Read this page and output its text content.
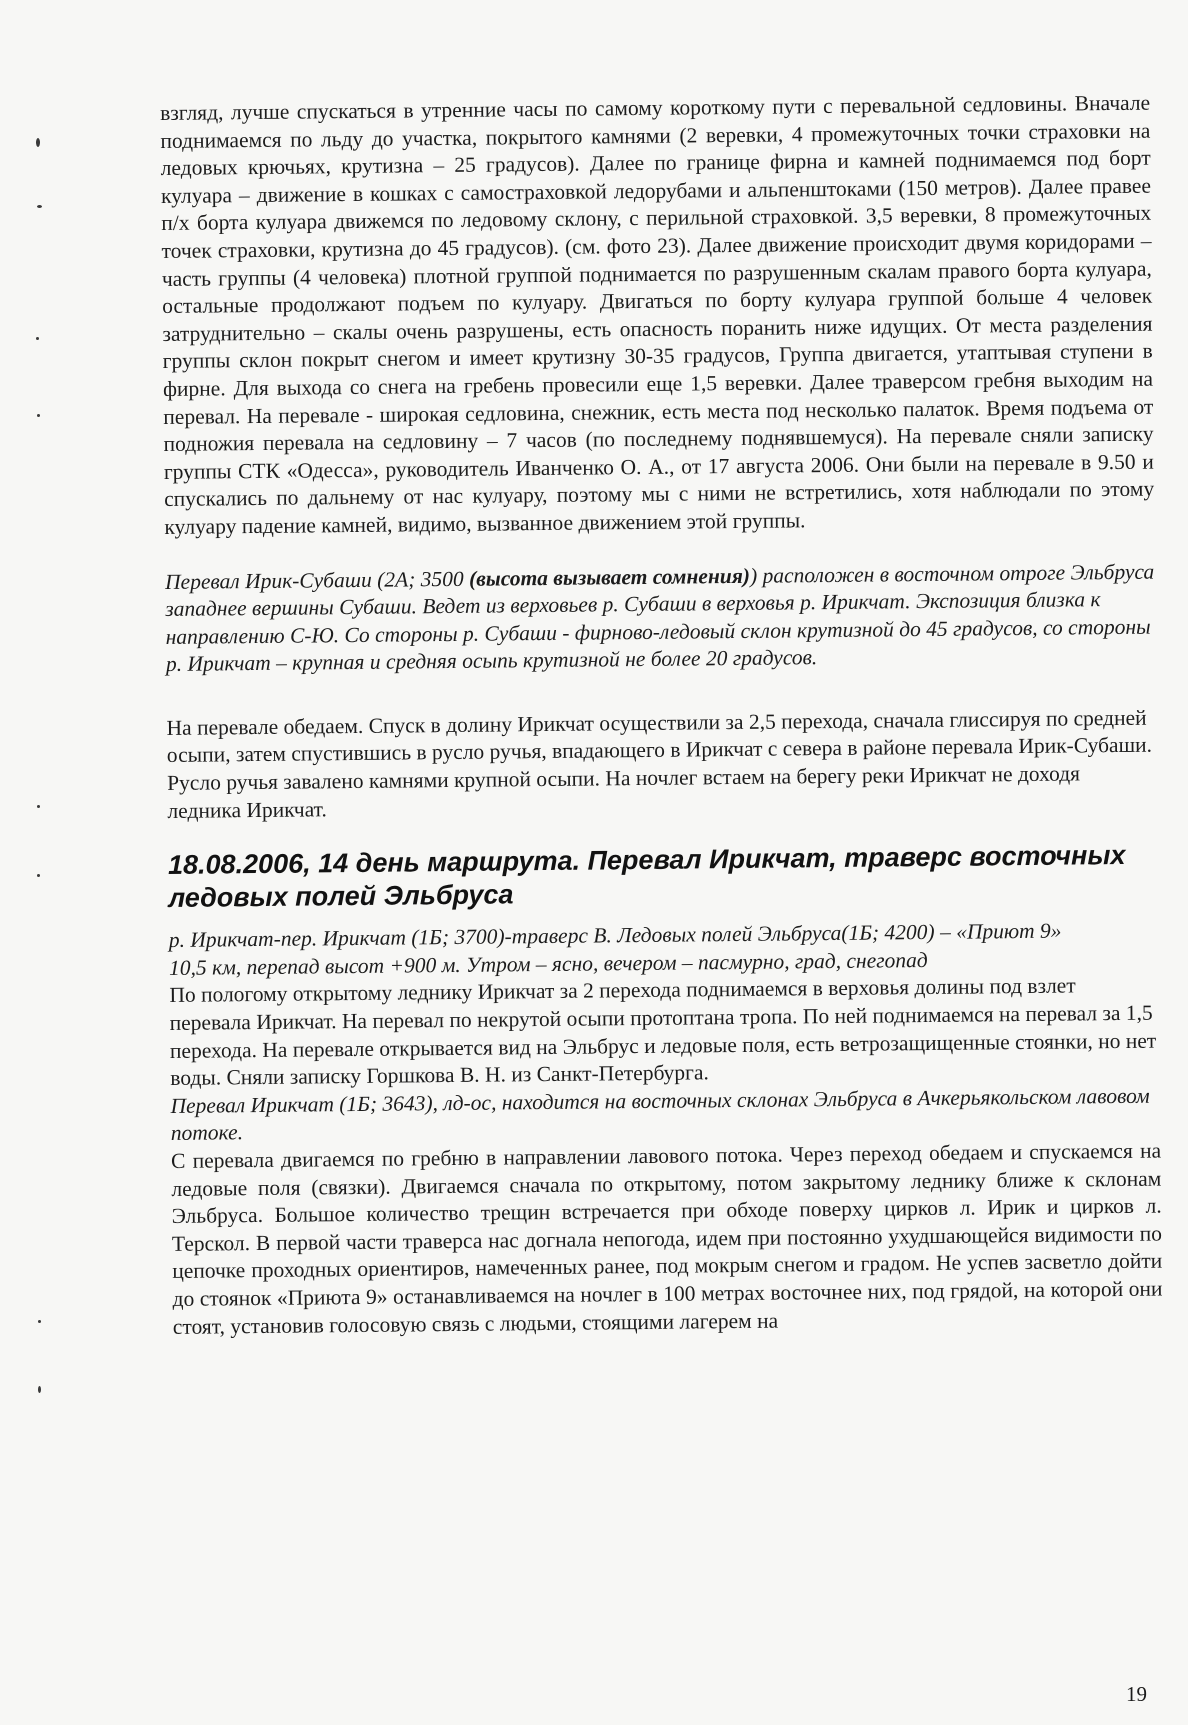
взгляд, лучше спускаться в утренние часы по самому короткому пути с перевальной седловины. Вначале поднимаемся по льду до участка, покрытого камнями (2 веревки, 4 промежуточных точки страховки на ледовых крючьях, крутизна – 25 градусов). Далее по границе фирна и камней поднимаемся под борт кулуара – движение в кошках с самостраховкой ледорубами и альпенштоками (150 метров). Далее правее п/х борта кулуара движемся по ледовому склону, с перильной страховкой. 3,5 веревки, 8 промежуточных точек страховки, крутизна до 45 градусов). (см. фото 23). Далее движение происходит двумя коридорами – часть группы (4 человека) плотной группой поднимается по разрушенным скалам правого борта кулуара, остальные продолжают подъем по кулуару. Двигаться по борту кулуара группой больше 4 человек затруднительно – скалы очень разрушены, есть опасность поранить ниже идущих. От места разделения группы склон покрыт снегом и имеет крутизну 30-35 градусов, Группа двигается, утаптывая ступени в фирне. Для выхода со снега на гребень провесили еще 1,5 веревки. Далее траверсом гребня выходим на перевал. На перевале - широкая седловина, снежник, есть места под несколько палаток. Время подъема от подножия перевала на седловину – 7 часов (по последнему поднявшемуся). На перевале сняли записку группы СТК «Одесса», руководитель Иванченко О. А., от 17 августа 2006. Они были на перевале в 9.50 и спускались по дальнему от нас кулуару, поэтому мы с ними не встретились, хотя наблюдали по этому кулуару падение камней, видимо, вызванное движением этой группы.

Перевал Ирик-Субаши (2А; 3500 (высота вызывает сомнения)) расположен в восточном отроге Эльбруса западнее вершины Субаши. Ведет из верховьев р. Субаши в верховья р. Ирикчат. Экспозиция близка к направлению С-Ю. Со стороны р. Субаши - фирново-ледовый склон крутизной до 45 градусов, со стороны р. Ирикчат – крупная и средняя осыпь крутизной не более 20 градусов.

На перевале обедаем. Спуск в долину Ирикчат осуществили за 2,5 перехода, сначала глиссируя по средней осыпи, затем спустившись в русло ручья, впадающего в Ирикчат с севера в районе перевала Ирик-Субаши. Русло ручья завалено камнями крупной осыпи. На ночлег встаем на берегу реки Ирикчат не доходя ледника Ирикчат.

18.08.2006, 14 день маршрута. Перевал Ирикчат, траверс восточных ледовых полей Эльбруса

р. Ирикчат-пер. Ирикчат (1Б; 3700)-траверс В. Ледовых полей Эльбруса(1Б; 4200) – «Приют 9»

10,5 км, перепад высот +900 м. Утром – ясно, вечером – пасмурно, град, снегопад

По пологому открытому леднику Ирикчат за 2 перехода поднимаемся в верховья долины под взлет перевала Ирикчат. На перевал по некрутой осыпи протоптана тропа. По ней поднимаемся на перевал за 1,5 перехода. На перевале открывается вид на Эльбрус и ледовые поля, есть ветрозащищенные стоянки, но нет воды. Сняли записку Горшкова В. Н. из Санкт-Петербурга.

Перевал Ирикчат (1Б; 3643), лд-ос, находится на восточных склонах Эльбруса в Ачкерьякольском лавовом потоке.

С перевала двигаемся по гребню в направлении лавового потока. Через переход обедаем и спускаемся на ледовые поля (связки). Двигаемся сначала по открытому, потом закрытому леднику ближе к склонам Эльбруса. Большое количество трещин встречается при обходе поверху цирков л. Ирик и цирков л. Терскол. В первой части траверса нас догнала непогода, идем при постоянно ухудшающейся видимости по цепочке проходных ориентиров, намеченных ранее, под мокрым снегом и градом. Не успев засветло дойти до стоянок «Приюта 9» останавливаемся на ночлег в 100 метрах восточнее них, под грядой, на которой они стоят, установив голосовую связь с людьми, стоящими лагерем на

19
